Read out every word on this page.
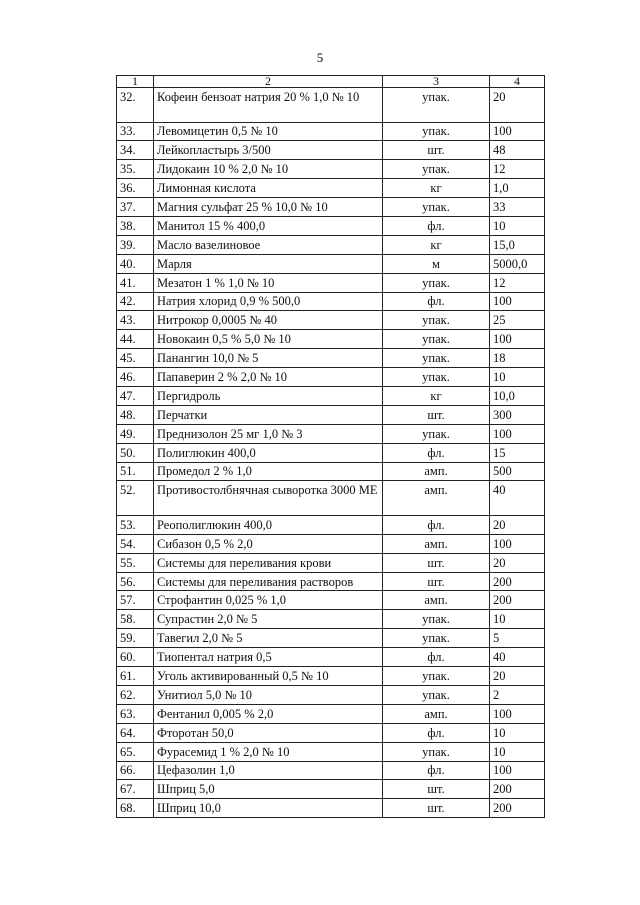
5
1	2	3	4
32.	Кофеин бензоат натрия 20 % 1,0 № 10	упак.	20
33.	Левомицетин 0,5 № 10	упак.	100
34.	Лейкопластырь 3/500	шт.	48
35.	Лидокаин 10 % 2,0 № 10	упак.	12
36.	Лимонная кислота	кг	1,0
37.	Магния сульфат 25 % 10,0 № 10	упак.	33
38.	Манитол 15 % 400,0	фл.	10
39.	Масло вазелиновое	кг	15,0
40.	Марля	м	5000,0
41.	Мезатон 1 % 1,0 № 10	упак.	12
42.	Натрия хлорид 0,9 % 500,0	фл.	100
43.	Нитрокор 0,0005 № 40	упак.	25
44.	Новокаин 0,5 % 5,0 № 10	упак.	100
45.	Панангин 10,0 № 5	упак.	18
46.	Папаверин 2 % 2,0 № 10	упак.	10
47.	Пергидроль	кг	10,0
48.	Перчатки	шт.	300
49.	Преднизолон 25 мг 1,0 № 3	упак.	100
50.	Полиглюкин 400,0	фл.	15
51.	Промедол 2 % 1,0	амп.	500
52.	Противостолбнячная сыворотка 3000 МЕ	амп.	40
53.	Реополиглюкин 400,0	фл.	20
54.	Сибазон 0,5 % 2,0	амп.	100
55.	Системы для переливания крови	шт.	20
56.	Системы для переливания растворов	шт.	200
57.	Строфантин 0,025 % 1,0	амп.	200
58.	Супрастин 2,0 № 5	упак.	10
59.	Тавегил 2,0 № 5	упак.	5
60.	Тиопентал натрия 0,5	фл.	40
61.	Уголь активированный 0,5 № 10	упак.	20
62.	Унитиол 5,0 № 10	упак.	2
63.	Фентанил 0,005 % 2,0	амп.	100
64.	Фторотан 50,0	фл.	10
65.	Фурасемид 1 % 2,0 № 10	упак.	10
66.	Цефазолин 1,0	фл.	100
67.	Шприц 5,0	шт.	200
68.	Шприц 10,0	шт.	200
